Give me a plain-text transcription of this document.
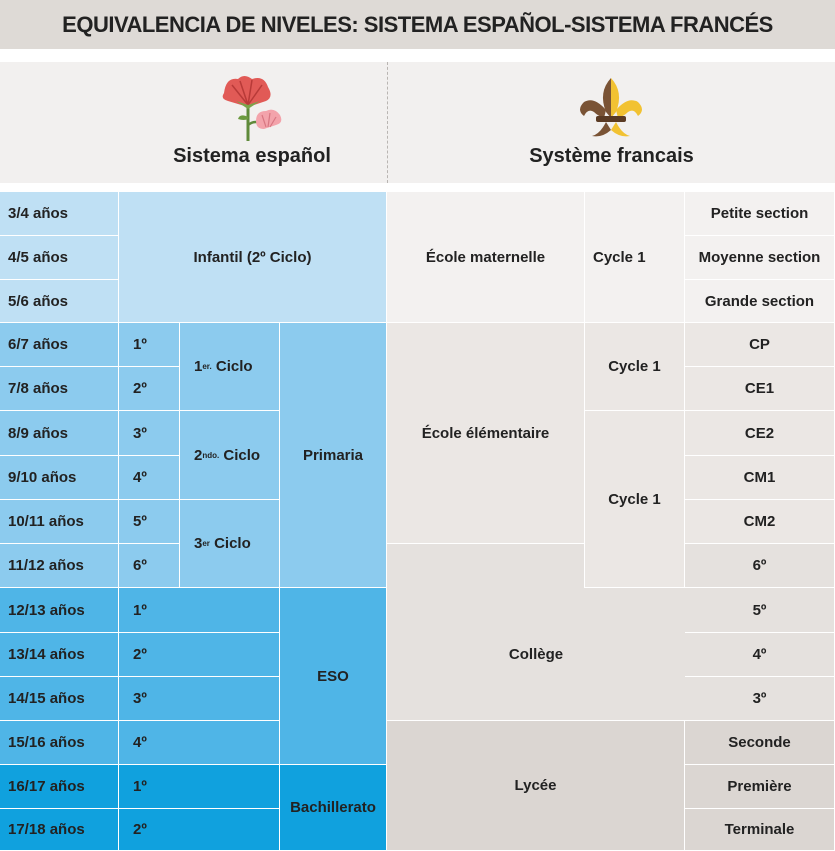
EQUIVALENCIA DE NIVELES: SISTEMA ESPAÑOL-SISTEMA FRANCÉS
Sistema español	Système francais
3/4 años
4/5 años
5/6 años
Infantil (2º Ciclo)
6/7 años
7/8 años
8/9 años
9/10 años
10/11 años
11/12 años
1º
2º
3º
4º
5º
6º
1 er. Ciclo
2 ndo. Ciclo
3 er Ciclo
Primaria
12/13 años
13/14 años
14/15 años
15/16 años
1º
2º
3º
4º
ESO
16/17 años
17/18 años
1º
2º
Bachillerato
École maternelle	Cycle 1
Petite section
Moyenne section
Grande section
École élémentaire
Cycle 1
Cycle 1
CP
CE1
CE2
CM1
CM2
Collège
6º
5º
4º
3º
Lycée
Seconde
Première
Terminale
